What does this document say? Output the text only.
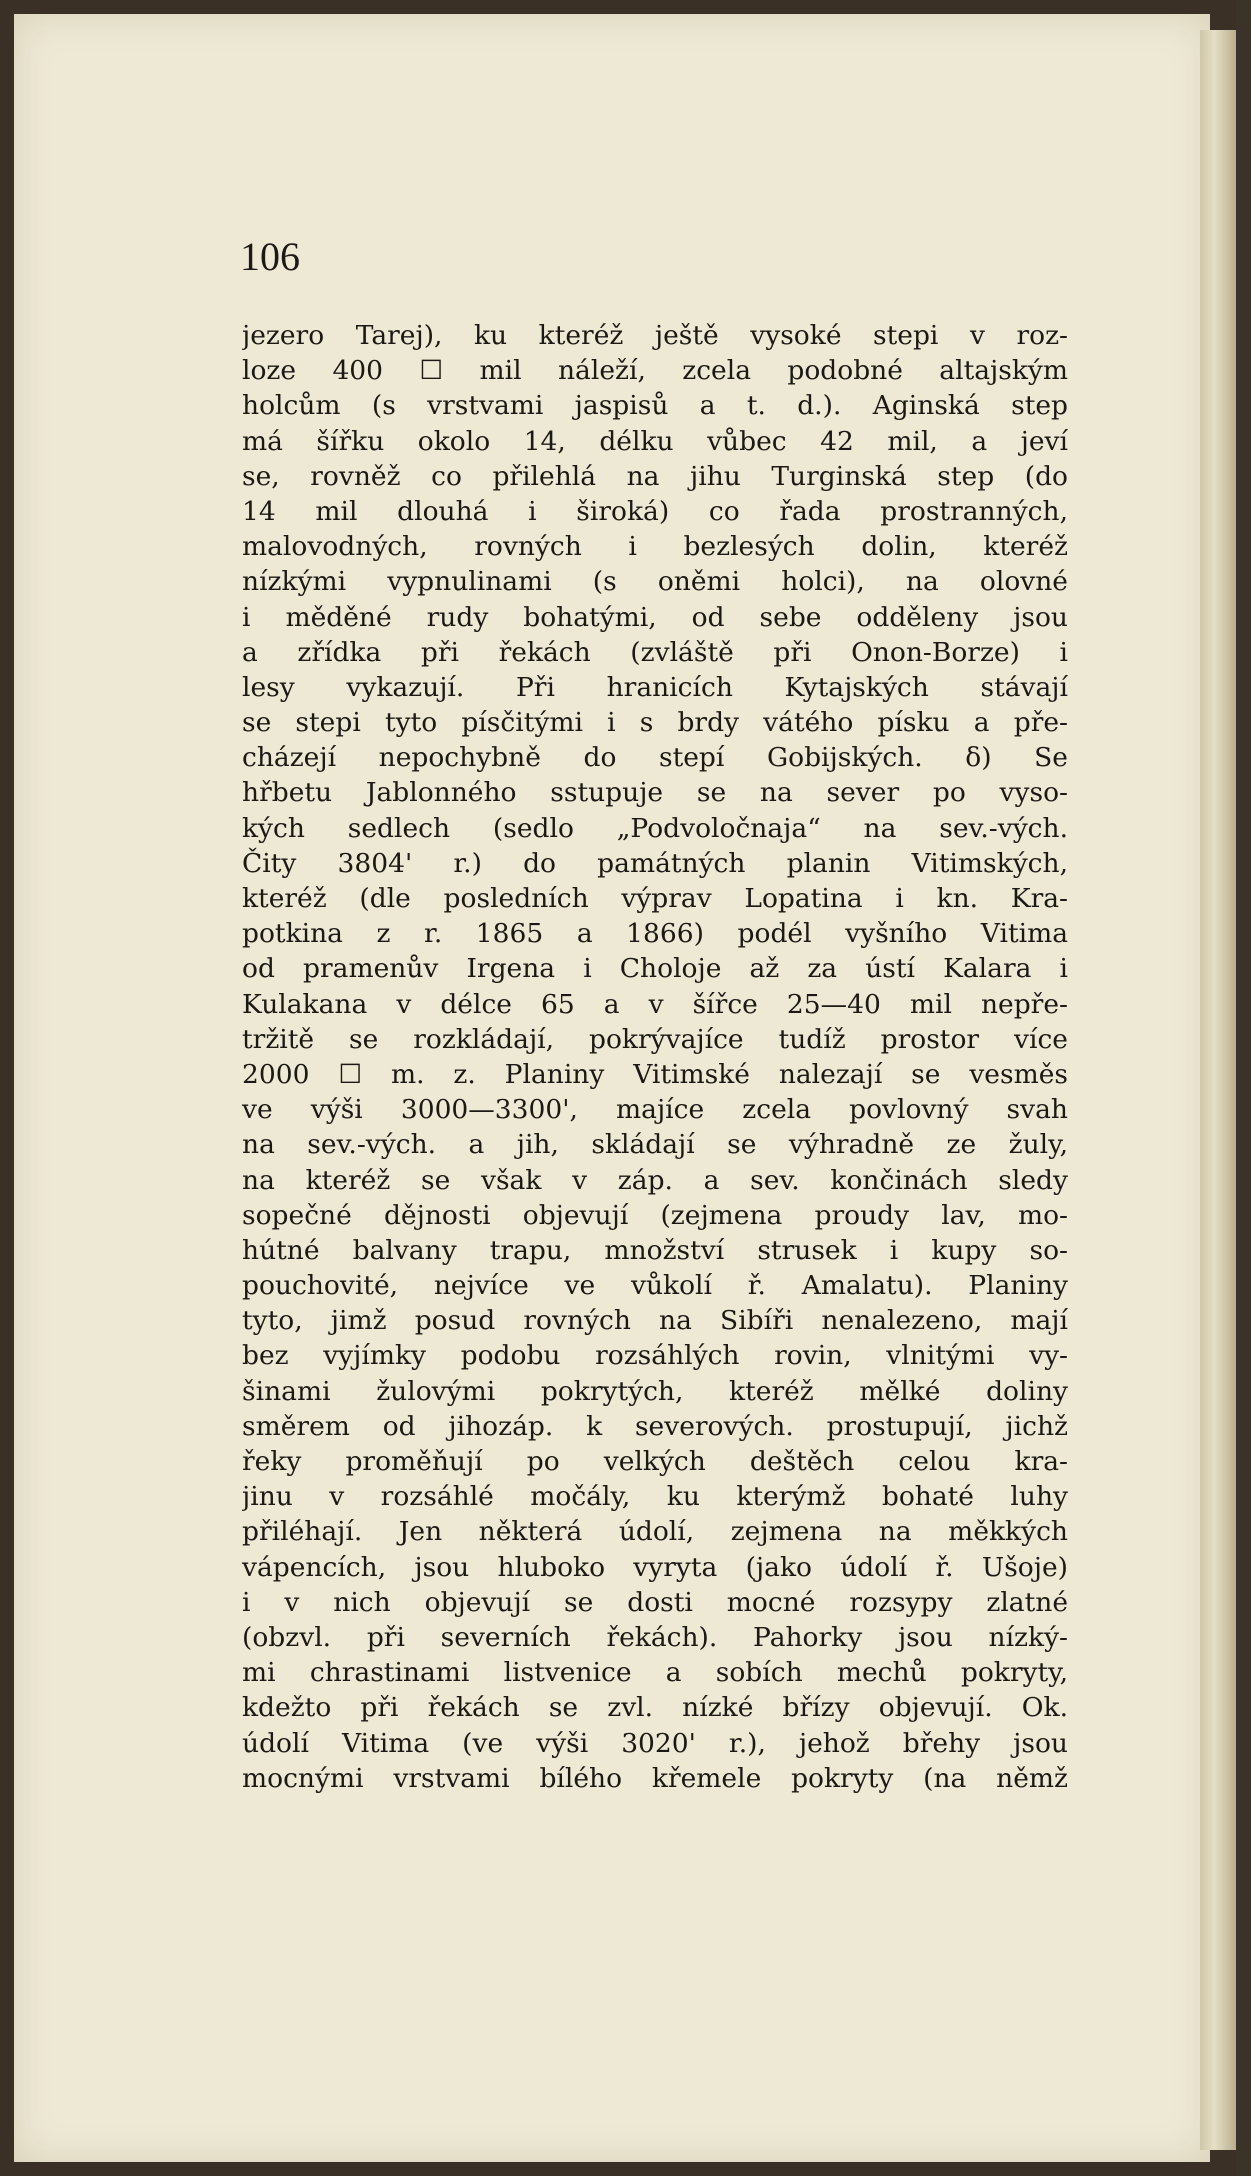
106
jezero Tarej), ku kteréž ještě vysoké stepi v roz-
loze 400 ☐ mil náleží, zcela podobné altajským
holcům (s vrstvami jaspisů a t. d.). Aginská step
má šířku okolo 14, délku vůbec 42 mil, a jeví
se, rovněž co přilehlá na jihu Turginská step (do
14 mil dlouhá i široká) co řada prostranných,
malovodných, rovných i bezlesých dolin, kteréž
nízkými vypnulinami (s oněmi holci), na olovné
i měděné rudy bohatými, od sebe odděleny jsou
a zřídka při řekách (zvláště při Onon-Borze) i
lesy vykazují. Při hranicích Kytajských stávají
se stepi tyto písčitými i s brdy vátého písku a pře-
cházejí nepochybně do stepí Gobijských. δ) Se
hřbetu Jablonného sstupuje se na sever po vyso-
kých sedlech (sedlo „Podvoločnaja“ na sev.-vých.
Čity 3804' r.) do památných planin Vitimských,
kteréž (dle posledních výprav Lopatina i kn. Kra-
potkina z r. 1865 a 1866) podél vyšního Vitima
od pramenův Irgena i Choloje až za ústí Kalara i
Kulakana v délce 65 a v šířce 25—40 mil nepře-
tržitě se rozkládají, pokrývajíce tudíž prostor více
2000 ☐ m. z. Planiny Vitimské nalezají se vesměs
ve výši 3000—3300', majíce zcela povlovný svah
na sev.-vých. a jih, skládají se výhradně ze žuly,
na kteréž se však v záp. a sev. končinách sledy
sopečné dějnosti objevují (zejmena proudy lav, mo-
hútné balvany trapu, množství strusek i kupy so-
pouchovité, nejvíce ve vůkolí ř. Amalatu). Planiny
tyto, jimž posud rovných na Sibíři nenalezeno, mají
bez vyjímky podobu rozsáhlých rovin, vlnitými vy-
šinami žulovými pokrytých, kteréž mělké doliny
směrem od jihozáp. k severových. prostupují, jichž
řeky proměňují po velkých deštěch celou kra-
jinu v rozsáhlé močály, ku kterýmž bohaté luhy
přiléhají. Jen některá údolí, zejmena na měkkých
vápencích, jsou hluboko vyryta (jako údolí ř. Ušoje)
i v nich objevují se dosti mocné rozsypy zlatné
(obzvl. při severních řekách). Pahorky jsou nízký-
mi chrastinami listvenice a sobích mechů pokryty,
kdežto při řekách se zvl. nízké břízy objevují. Ok.
údolí Vitima (ve výši 3020' r.), jehož břehy jsou
mocnými vrstvami bílého křemele pokryty (na němž
